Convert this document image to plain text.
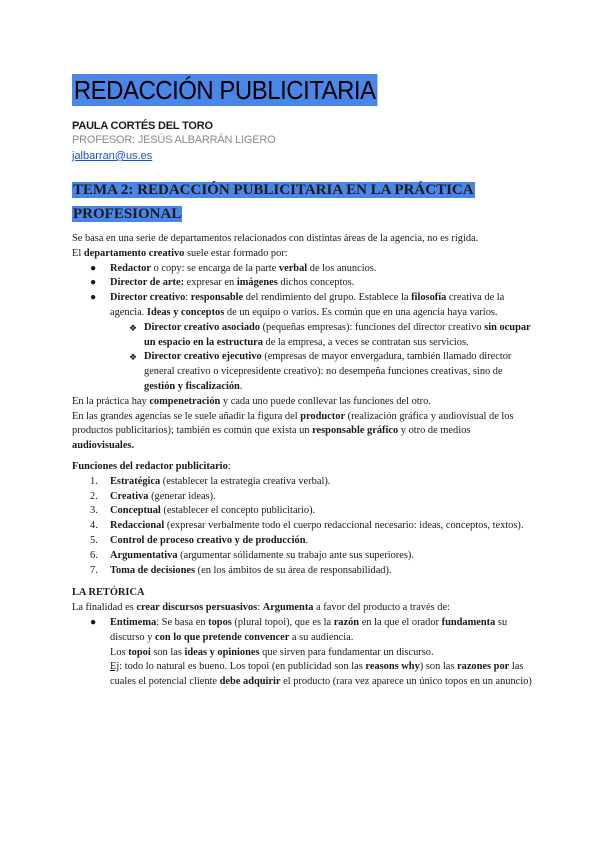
REDACCIÓN PUBLICITARIA
PAULA CORTÉS DEL TORO
PROFESOR: JESÚS ALBARRÁN LIGERO
jalbarran@us.es
TEMA 2: REDACCIÓN PUBLICITARIA EN LA PRÁCTICA
PROFESIONAL

Se basa en una serie de departamentos relacionados con distintas áreas de la agencia, no es rígida.

El departamento creativo suele estar formado por:

● Redactor o copy: se encarga de la parte verbal de los anuncios.
● Director de arte: expresar en imágenes dichos conceptos.
● Director creativo: responsable del rendimiento del grupo. Establece la filosofía creativa de la agencia. Ideas y conceptos de un equipo o varios. Es común que en una agencia haya varios.
❖ Director creativo asociado (pequeñas empresas): funciones del director creativo sin ocupar un espacio en la estructura de la empresa, a veces se contratan sus servicios.
❖ Director creativo ejecutivo (empresas de mayor envergadura, también llamado director general creativo o vicepresidente creativo): no desempeña funciones creativas, sino de gestión y fiscalización.

En la práctica hay compenetración y cada uno puede conllevar las funciones del otro.

En las grandes agencias se le suele añadir la figura del productor (realización gráfica y audiovisual de los productos publicitarios); también es común que exista un responsable gráfico y otro de medios audiovisuales.

Funciones del redactor publicitario:

1. Estratégica (establecer la estrategia creativa verbal).
2. Creativa (generar ideas).
3. Conceptual (establecer el concepto publicitario).
4. Redaccional (expresar verbalmente todo el cuerpo redaccional necesario: ideas, conceptos, textos).
5. Control de proceso creativo y de producción.
6. Argumentativa (argumentar sólidamente su trabajo ante sus superiores).
7. Toma de decisiones (en los ámbitos de su área de responsabilidad).
LA RETÓRICA

La finalidad es crear discursos persuasivos: Argumenta a favor del producto a través de:

● Entimema: Se basa en topos (plural topoi), que es la razón en la que el orador fundamenta su discurso y con lo que pretende convencer a su audiencia.
Los topoi son las ideas y opiniones que sirven para fundamentar un discurso.
Ej: todo lo natural es bueno. Los topoi (en publicidad son las reasons why) son las razones por las cuales el potencial cliente debe adquirir el producto (rara vez aparece un único topos en un anuncio)
